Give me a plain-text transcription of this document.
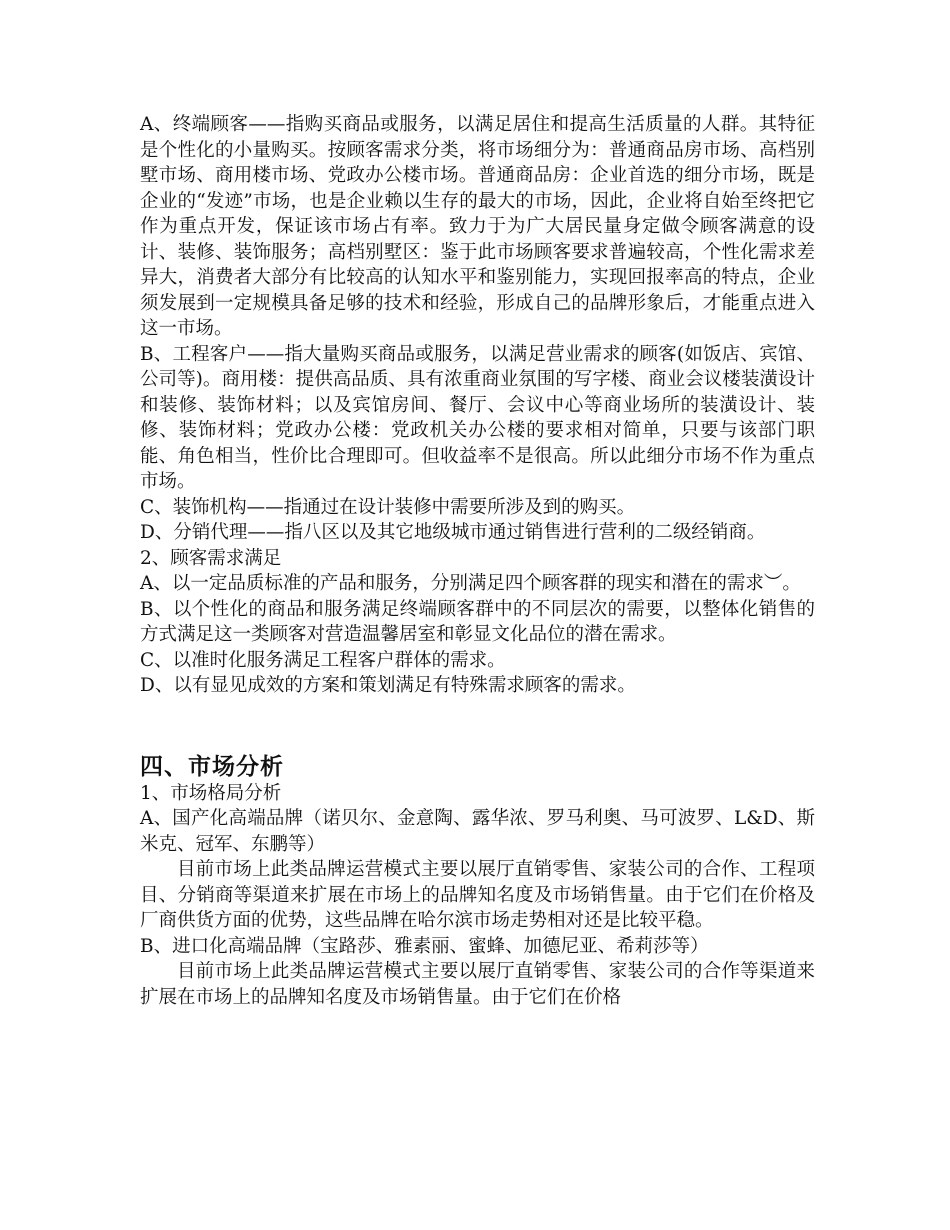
A、终端顾客——指购买商品或服务，以满足居住和提高生活质量的人群。其特征是个性化的小量购买。按顾客需求分类，将市场细分为：普通商品房市场、高档别墅市场、商用楼市场、党政办公楼市场。普通商品房：企业首选的细分市场，既是企业的“发迹”市场，也是企业赖以生存的最大的市场，因此，企业将自始至终把它作为重点开发，保证该市场占有率。致力于为广大居民量身定做令顾客满意的设计、装修、装饰服务；高档别墅区：鉴于此市场顾客要求普遍较高，个性化需求差异大，消费者大部分有比较高的认知水平和鉴别能力，实现回报率高的特点，企业须发展到一定规模具备足够的技术和经验，形成自己的品牌形象后，才能重点进入这一市场。

B、工程客户——指大量购买商品或服务，以满足营业需求的顾客(如饭店、宾馆、公司等)。商用楼：提供高品质、具有浓重商业氛围的写字楼、商业会议楼装潢设计和装修、装饰材料；以及宾馆房间、餐厅、会议中心等商业场所的装潢设计、装修、装饰材料；党政办公楼：党政机关办公楼的要求相对简单，只要与该部门职能、角色相当，性价比合理即可。但收益率不是很高。所以此细分市场不作为重点市场。

C、装饰机构——指通过在设计装修中需要所涉及到的购买。

D、分销代理——指八区以及其它地级城市通过销售进行营利的二级经销商。

2、顾客需求满足

A、以一定品质标准的产品和服务，分别满足四个顾客群的现实和潜在的需求︶。

B、以个性化的商品和服务满足终端顾客群中的不同层次的需要，以整体化销售的方式满足这一类顾客对营造温馨居室和彰显文化品位的潜在需求。

C、以准时化服务满足工程客户群体的需求。

D、以有显见成效的方案和策划满足有特殊需求顾客的需求。

四、市场分析

1、市场格局分析

A、国产化高端品牌（诺贝尔、金意陶、露华浓、罗马利奥、马可波罗、L&D、斯米克、冠军、东鹏等）

目前市场上此类品牌运营模式主要以展厅直销零售、家装公司的合作、工程项目、分销商等渠道来扩展在市场上的品牌知名度及市场销售量。由于它们在价格及厂商供货方面的优势，这些品牌在哈尔滨市场走势相对还是比较平稳。

B、进口化高端品牌（宝路莎、雅素丽、蜜蜂、加德尼亚、希莉莎等）

目前市场上此类品牌运营模式主要以展厅直销零售、家装公司的合作等渠道来扩展在市场上的品牌知名度及市场销售量。由于它们在价格
